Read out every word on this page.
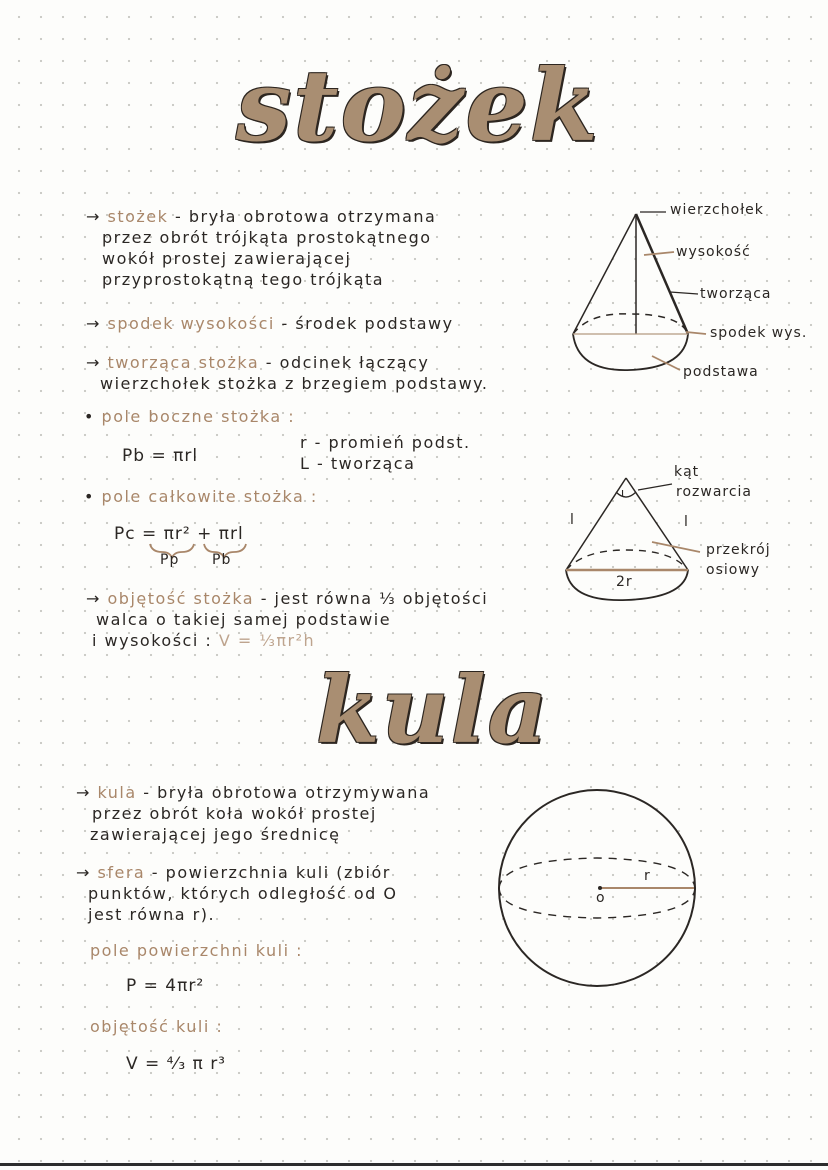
stożek
→ stożek - bryła obrotowa otrzymana
przez obrót trójkąta prostokątnego
wokół prostej zawierającej
przyprostokątną tego trójkąta
→ spodek wysokości - środek podstawy
→ tworząca stożka - odcinek łączący
wierzchołek stożka z brzegiem podstawy.
• pole boczne stożka :
Pb = πrl
r - promień podst.
L - tworząca
• pole całkowite stożka :
Pc = πr² + πrl
Pp Pb
→ objętość stożka - jest równa ⅓ objętości
walca o takiej samej podstawie
i wysokości : V = ⅓πr²h
wierzchołek
wysokość
tworząca
spodek wys.
podstawa
ι
kąt
rozwarcia
l	l
2r
przekrój
osiowy
kula
→ kula - bryła obrotowa otrzymywana
przez obrót koła wokół prostej
zawierającej jego średnicę
→ sfera - powierzchnia kuli (zbiór
punktów, których odległość od O
jest równa r).
pole powierzchni kuli :
P = 4πr²
objętość kuli :
V = ⁴⁄₃ π r³
r
o
